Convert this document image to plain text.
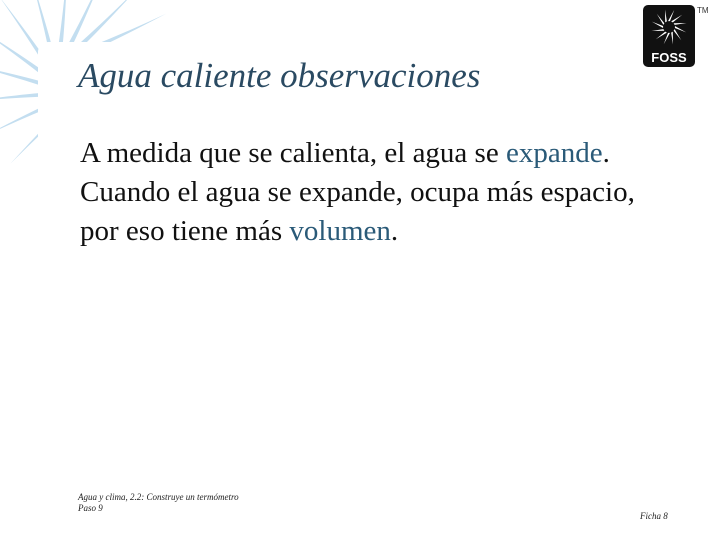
Agua caliente observaciones	FOSS
TM

A medida que se calienta, el agua se expande. Cuando el agua se expande, ocupa más espacio, por eso tiene más volumen.

Agua y clima, 2.2: Construye un termómetro
Paso 9
Ficha 8
